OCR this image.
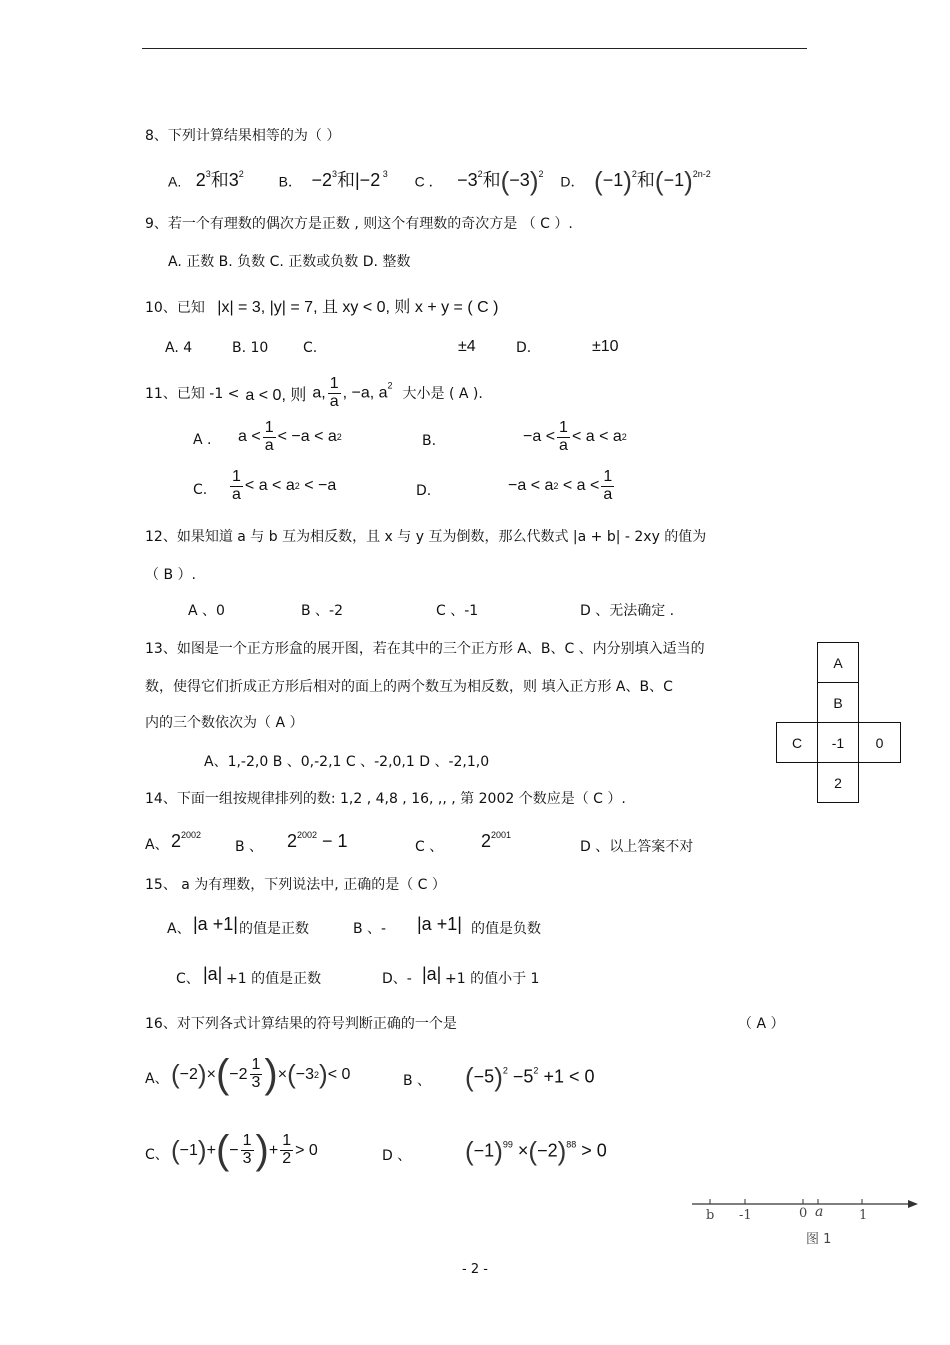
8、下列计算结果相等的为（ ）
A.   $2^3$和$3^2$ B．  $-2^3$和|−2 $^3$ C ．   $-3^2$和$(-3)^2$ D． $(-1)^2$和$(-1)^{2n-2}$
9、若一个有理数的偶次方是正数 , 则这个有理数的奇次方是 （ C ）.
A. 正数 B. 负数 C. 正数或负数 D. 整数
10、已知 |x| = 3, |y| = 7, 且 xy < 0, 则 x + y = ( C )
A. 4	B. 10 C.	±4	D.	±10
11、已知 -1 < a < 0, 则 a, $\frac{1}{a}$ , −a, $a^2$
大小是 ( A ).
A . $a < \frac{1}{a} < -a < a$ 2	B.	$-a < \frac{1}{a} < a < a$ 2
C. $\frac{1}{a} < a < a$ 2 < −a	D.	−a < a $2 < a < \frac{1}{a}$
12、如果知道 a 与 b 互为相反数，且 x 与 y 互为倒数，那么代数式 |a + b| - 2xy 的值为
（ B ）.
A 、0	B 、-2	C 、-1	D 、无法确定 .
13、如图是一个正方形盒的展开图，若在其中的三个正方形 A、B、C 、内分别填入适当的
数，使得它们折成正方形后相对的面上的两个数互为相反数，则 填入正方形 A、B、C
内的三个数依次为（ A ）
A、1,-2,0 B 、0,-2,1 C 、-2,0,1 D 、-2,1,0
A
B
C	-1	0
2
14、下面一组按规律排列的数: 1,2 , 4,8 , 16, ,, , 第 2002 个数应是（ C ）.
A、 $2^{2002}$
B 、 $2^{2002} - 1$	C 、 $2^{2001}$
D 、以上答案不对
15、 a 为有理数，下列说法中, 正确的是（ C ）
A、 |a +1| 的值是正数	B 、- |a +1| 的值是负数
C、 |a| +1 的值是正数	D、- |a| +1 的值小于 1
16、对下列各式计算结果的符号判断正确的一个是	（ A ）
A、 ( −2 ) × ( $-2 \frac{1}{3}$ ) × ( −3 2 ) < 0	B 、 $(-5)^2 -5^2 +1 < 0$
C、 ( −1 ) + ( − $\frac{1}{3}$ ) + $\frac{1}{2} > 0$	D 、 $(-1)^{99} \times(-2)^{88} > 0$
b -1	0 a	1
图 1
- 2 -
